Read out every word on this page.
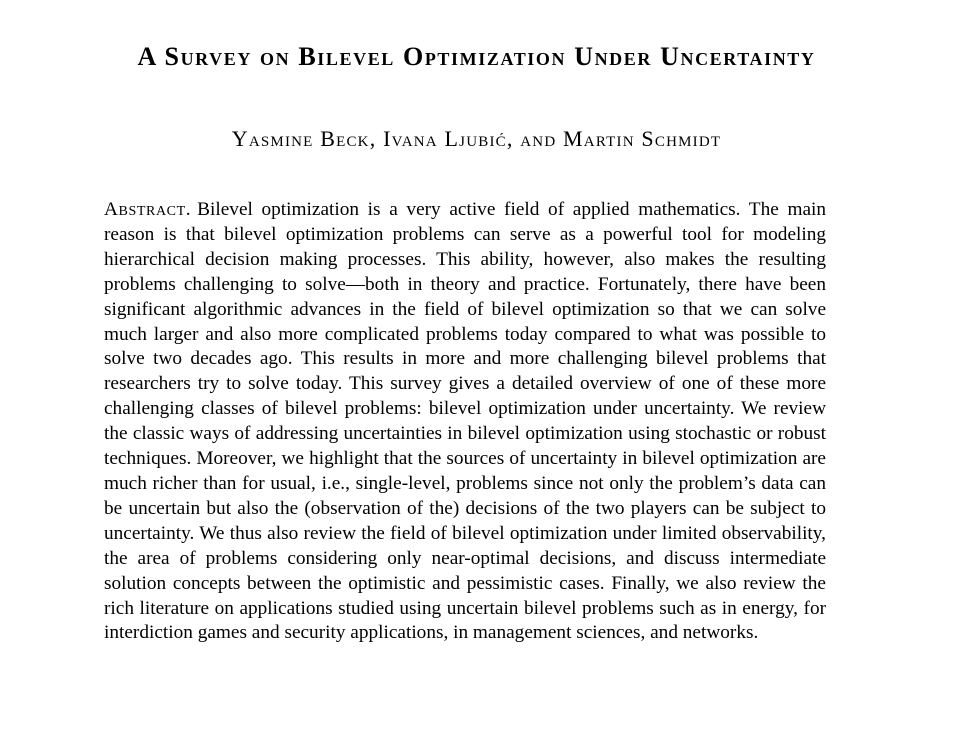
A Survey on Bilevel Optimization Under Uncertainty
Yasmine Beck, Ivana Ljubić, and Martin Schmidt

Abstract. Bilevel optimization is a very active field of applied mathematics. The main reason is that bilevel optimization problems can serve as a powerful tool for modeling hierarchical decision making processes. This ability, however, also makes the resulting problems challenging to solve—both in theory and practice. Fortunately, there have been significant algorithmic advances in the field of bilevel optimization so that we can solve much larger and also more complicated problems today compared to what was possible to solve two decades ago. This results in more and more challenging bilevel problems that researchers try to solve today. This survey gives a detailed overview of one of these more challenging classes of bilevel problems: bilevel optimization under uncertainty. We review the classic ways of addressing uncertainties in bilevel optimization using stochastic or robust techniques. Moreover, we highlight that the sources of uncertainty in bilevel optimization are much richer than for usual, i.e., single-level, problems since not only the problem’s data can be uncertain but also the (observation of the) decisions of the two players can be subject to uncertainty. We thus also review the field of bilevel optimization under limited observability, the area of problems considering only near-optimal decisions, and discuss intermediate solution concepts between the optimistic and pessimistic cases. Finally, we also review the rich literature on applications studied using uncertain bilevel problems such as in energy, for interdiction games and security applications, in management sciences, and networks.
